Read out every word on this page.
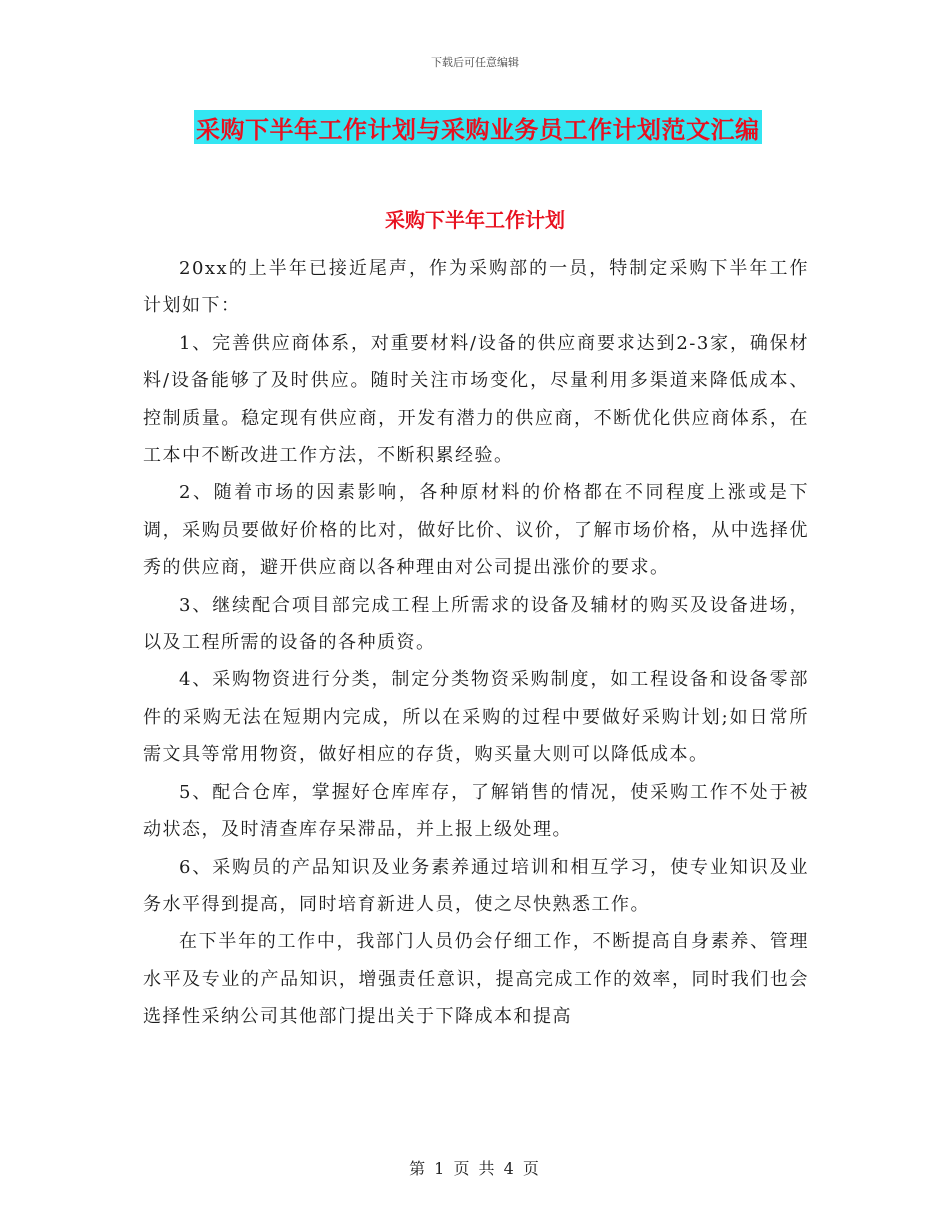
下载后可任意编辑
采购下半年工作计划与采购业务员工作计划范文汇编
采购下半年工作计划

20xx的上半年已接近尾声，作为采购部的一员，特制定采购下半年工作计划如下：

1、完善供应商体系，对重要材料/设备的供应商要求达到2-3家，确保材料/设备能够了及时供应。随时关注市场变化，尽量利用多渠道来降低成本、控制质量。稳定现有供应商，开发有潜力的供应商，不断优化供应商体系，在工本中不断改进工作方法，不断积累经验。

2、随着市场的因素影响，各种原材料的价格都在不同程度上涨或是下调，采购员要做好价格的比对，做好比价、议价，了解市场价格，从中选择优秀的供应商，避开供应商以各种理由对公司提出涨价的要求。

3、继续配合项目部完成工程上所需求的设备及辅材的购买及设备进场，以及工程所需的设备的各种质资。

4、采购物资进行分类，制定分类物资采购制度，如工程设备和设备零部件的采购无法在短期内完成，所以在采购的过程中要做好采购计划;如日常所需文具等常用物资，做好相应的存货，购买量大则可以降低成本。

5、配合仓库，掌握好仓库库存，了解销售的情况，使采购工作不处于被动状态，及时清查库存呆滞品，并上报上级处理。

6、采购员的产品知识及业务素养通过培训和相互学习，使专业知识及业务水平得到提高，同时培育新进人员，使之尽快熟悉工作。

在下半年的工作中，我部门人员仍会仔细工作，不断提高自身素养、管理水平及专业的产品知识，增强责任意识，提高完成工作的效率，同时我们也会选择性采纳公司其他部门提出关于下降成本和提高

第 1 页 共 4 页
